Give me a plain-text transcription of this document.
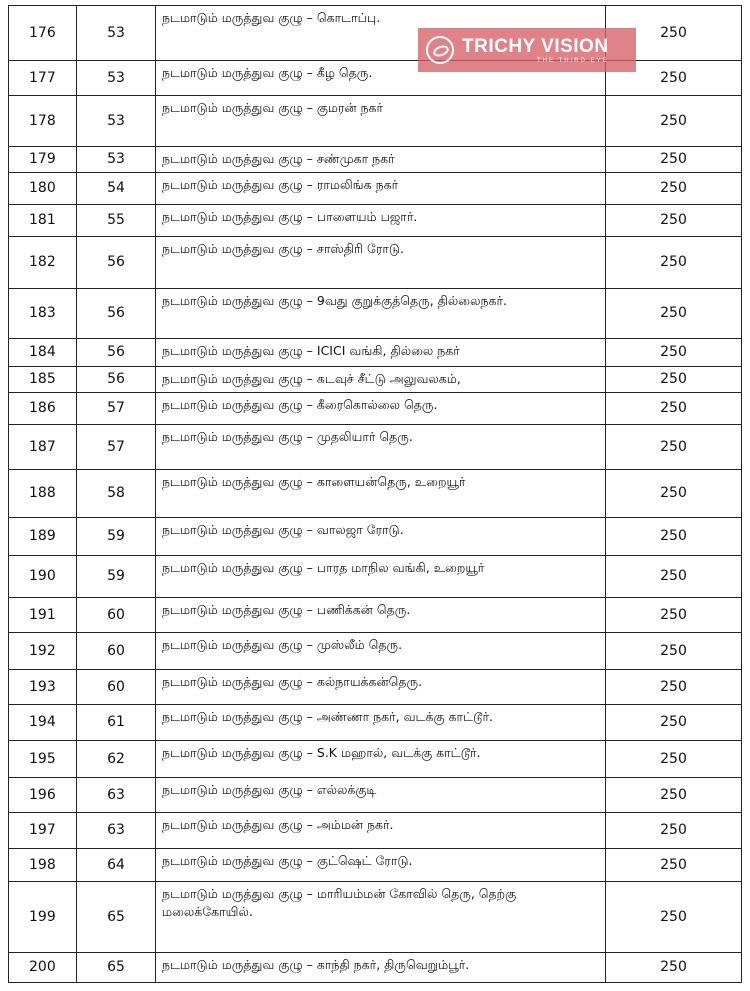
176	53	நடமாடும் மருத்துவ குழு – கொடாப்பு.	250
177	53	நடமாடும் மருத்துவ குழு – கீழ தெரு.	250
178	53	நடமாடும் மருத்துவ குழு – குமரன் நகர்	250
179	53	நடமாடும் மருத்துவ குழு – சண்முகா நகர்	250
180	54	நடமாடும் மருத்துவ குழு – ராமலிங்க நகர்	250
181	55	நடமாடும் மருத்துவ குழு – பாளையம் பஜார்.	250
182	56	நடமாடும் மருத்துவ குழு – சாஸ்திரி ரோடு.	250
183	56	நடமாடும் மருத்துவ குழு – 9வது குறுக்குத்தெரு, தில்லைநகர்.	250
184	56	நடமாடும் மருத்துவ குழு – ICICI வங்கி, தில்லை நகர்	250
185	56	நடமாடும் மருத்துவ குழு – கடவுச் சீட்டு அலுவலகம்,	250
186	57	நடமாடும் மருத்துவ குழு – கீரைகொல்லை தெரு.	250
187	57	நடமாடும் மருத்துவ குழு – முதலியார் தெரு.	250
188	58	நடமாடும் மருத்துவ குழு – காளையன்தெரு, உறையூர்	250
189	59	நடமாடும் மருத்துவ குழு – வாலஜா ரோடு.	250
190	59	நடமாடும் மருத்துவ குழு – பாரத மாநில வங்கி, உறையூர்	250
191	60	நடமாடும் மருத்துவ குழு – பணிக்கன் தெரு.	250
192	60	நடமாடும் மருத்துவ குழு – முஸ்லீம் தெரு.	250
193	60	நடமாடும் மருத்துவ குழு – கல்நாயக்கன்தெரு.	250
194	61	நடமாடும் மருத்துவ குழு – அண்ணா நகர், வடக்கு காட்டூர்.	250
195	62	நடமாடும் மருத்துவ குழு – S.K மஹால், வடக்கு காட்டூர்.	250
196	63	நடமாடும் மருத்துவ குழு – எல்லக்குடி	250
197	63	நடமாடும் மருத்துவ குழு – அம்மன் நகர்.	250
198	64	நடமாடும் மருத்துவ குழு – குட்ஷெட் ரோடு.	250
199	65	நடமாடும் மருத்துவ குழு – மாரியம்மன் கோவில் தெரு, தெற்கு மலைக்கோயில்.	250
200	65	நடமாடும் மருத்துவ குழு – காந்தி நகர், திருவெறும்பூர்.	250
TRICHY VISION
THE THIRD EYE
